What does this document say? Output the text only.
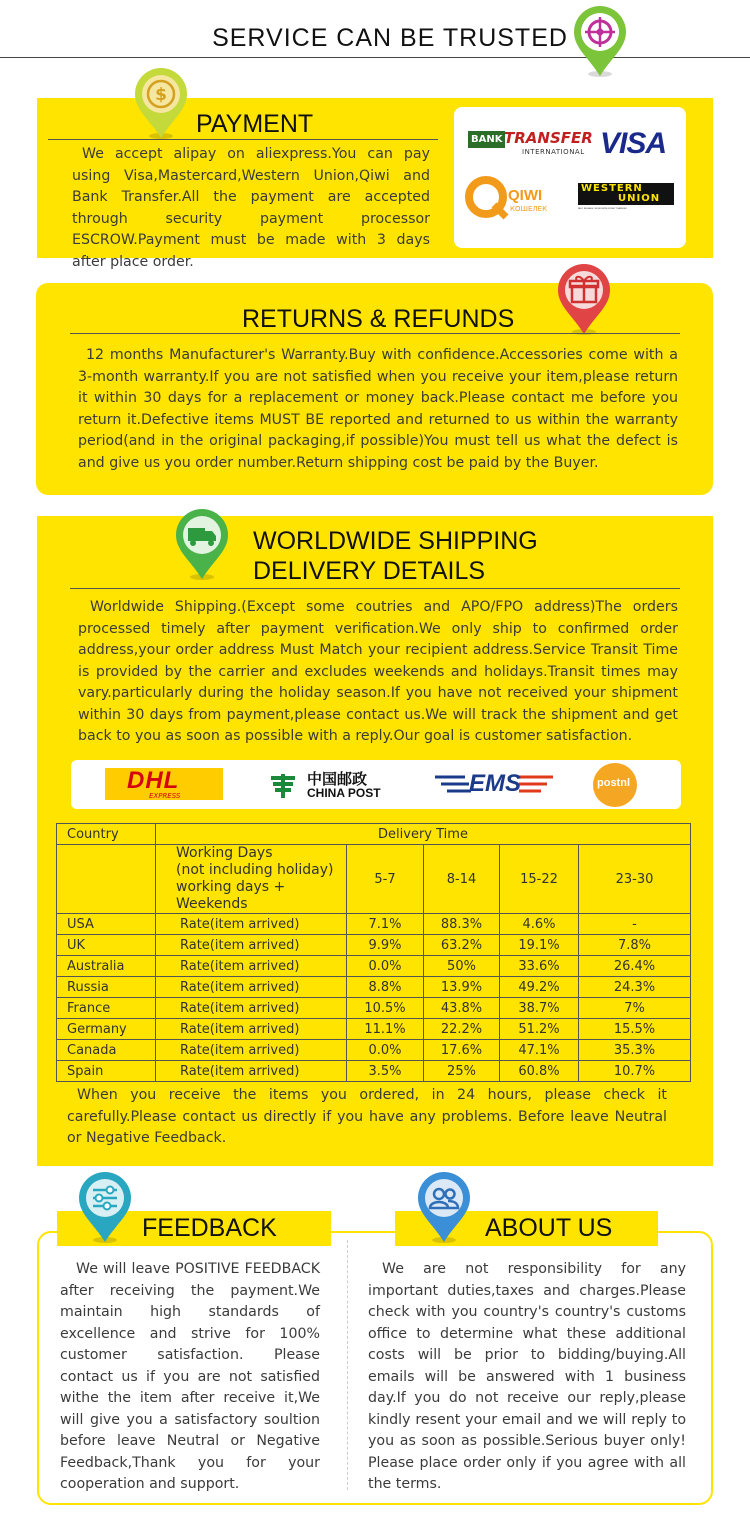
SERVICE CAN BE TRUSTED
$
PAYMENT
We accept alipay on aliexpress.You can pay using Visa,Mastercard,Western Union,Qiwi and Bank Transfer.All the payment are accepted through security payment processor ESCROW.Payment must be made with 3 days after place order.
BANK TRANSFER
INTERNATIONAL VISA
QIWI
КОШЕЛЕК
WESTERN
UNION
FAST. RELIABLE. WORLDWIDE MONEY TRANSFER
RETURNS & REFUNDS
12 months Manufacturer's Warranty.Buy with confidence.Accessories come with a 3-month warranty.If you are not satisfied when you receive your item,please return it within 30 days for a replacement or money back.Please contact me before you return it.Defective items MUST BE reported and returned to us within the warranty period(and in the original packaging,if possible)You must tell us what the defect is and give us you order number.Return shipping cost be paid by the Buyer.
WORLDWIDE SHIPPING
DELIVERY DETAILS
Worldwide Shipping.(Except some coutries and APO/FPO address)The orders processed timely after payment verification.We only ship to confirmed order address,your order address Must Match your recipient address.Service Transit Time is provided by the carrier and excludes weekends and holidays.Transit times may vary.particularly during the holiday season.If you have not received your shipment within 30 days from payment,please contact us.We will track the shipment and get back to you as soon as possible with a reply.Our goal is customer satisfaction.
DHL
EXPRESS
中国邮政
CHINA POST	EMS	postnl
Country	Delivery Time				

	Working Days
(not including holiday)
working days + Weekends	5-7	8-14	15-22	23-30
USA	Rate(item arrived)	7.1%	88.3%	4.6%	-
UK	Rate(item arrived)	9.9%	63.2%	19.1%	7.8%
Australia	Rate(item arrived)	0.0%	50%	33.6%	26.4%
Russia	Rate(item arrived)	8.8%	13.9%	49.2%	24.3%
France	Rate(item arrived)	10.5%	43.8%	38.7%	7%
Germany	Rate(item arrived)	11.1%	22.2%	51.2%	15.5%
Canada	Rate(item arrived)	0.0%	17.6%	47.1%	35.3%
Spain	Rate(item arrived)	3.5%	25%	60.8%	10.7%
When you receive the items you ordered, in 24 hours, please check it carefully.Please contact us directly if you have any problems. Before leave Neutral or Negative Feedback.
FEEDBACK	ABOUT US
We will leave POSITIVE FEEDBACK after receiving the payment.We maintain high standards of excellence and strive for 100% customer satisfaction. Please contact us if you are not satisfied withe the item after receive it,We will give you a satisfactory soultion before leave Neutral or Negative Feedback,Thank you for your cooperation and support.
We are not responsibility for any important duties,taxes and charges.Please check with you country's country's customs office to determine what these additional costs will be prior to bidding/buying.All emails will be answered with 1 business day.If you do not receive our reply,please kindly resent your email and we will reply to you as soon as possible.Serious buyer only! Please place order only if you agree with all the terms.
